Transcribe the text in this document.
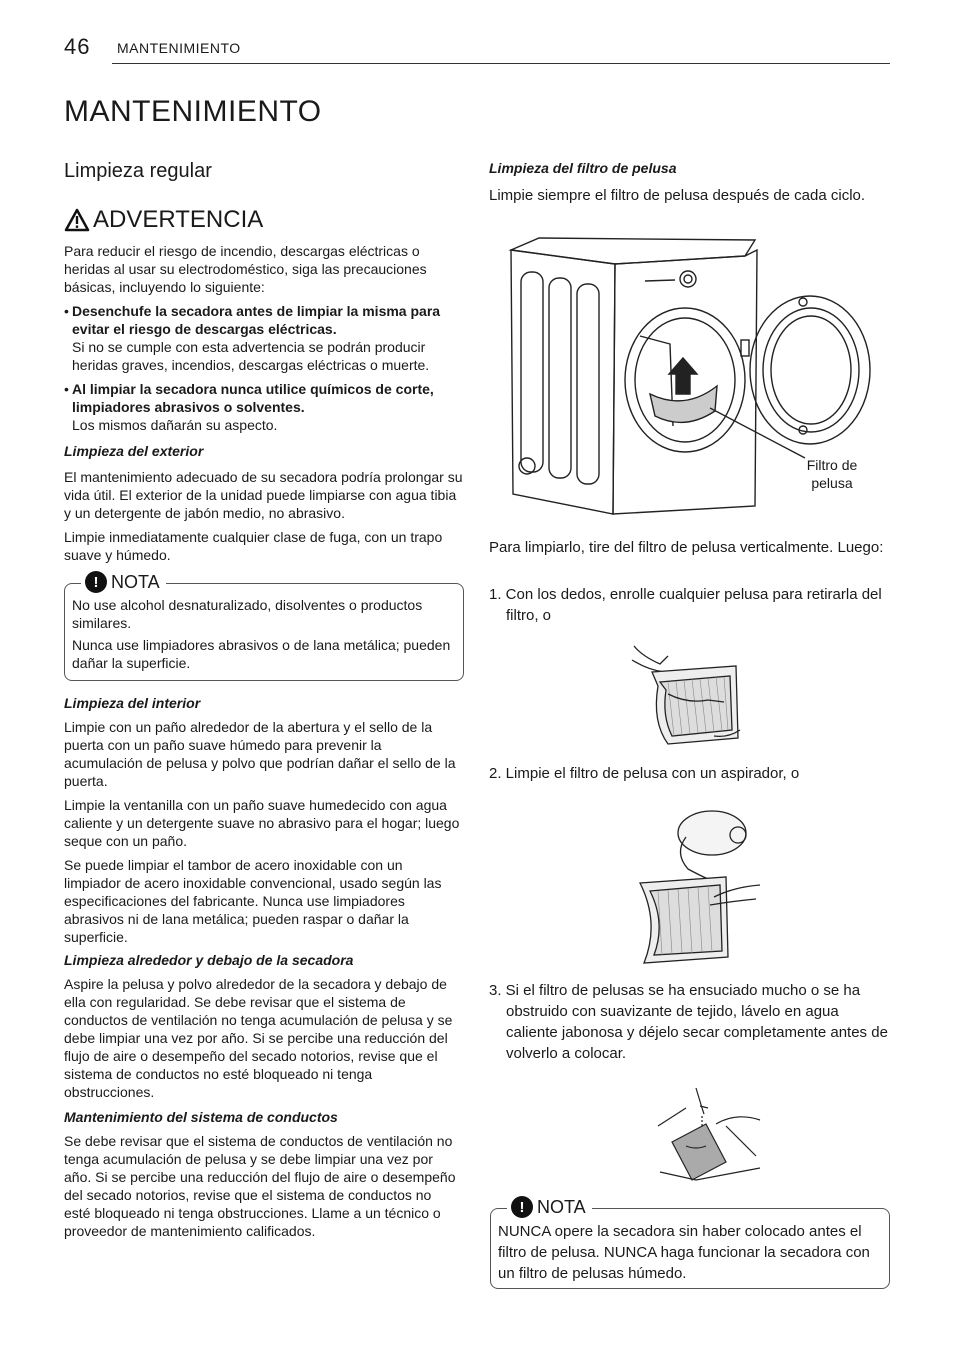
46 MANTENIMIENTO
MANTENIMIENTO
Limpieza regular
ADVERTENCIA

Para reducir el riesgo de incendio, descargas eléctricas o heridas al usar su electrodoméstico, siga las precauciones básicas, incluyendo lo siguiente:

• Desenchufe la secadora antes de limpiar la misma para evitar el riesgo de descargas eléctricas.
Si no se cumple con esta advertencia se podrán producir heridas graves, incendios, descargas eléctricas o muerte.
• Al limpiar la secadora nunca utilice químicos de corte, limpiadores abrasivos o solventes.
Los mismos dañarán su aspecto.

Limpieza del exterior

El mantenimiento adecuado de su secadora podría prolongar su vida útil. El exterior de la unidad puede limpiarse con agua tibia y un detergente de jabón medio, no abrasivo.

Limpie inmediatamente cualquier clase de fuga, con un trapo suave y húmedo.

! NOTA

No use alcohol desnaturalizado, disolventes o productos similares.

Nunca use limpiadores abrasivos o de lana metálica; pueden dañar la superficie.

Limpieza del interior

Limpie con un paño alrededor de la abertura y el sello de la puerta con un paño suave húmedo para prevenir la acumulación de pelusa y polvo que podrían dañar el sello de la puerta.

Limpie la ventanilla con un paño suave humedecido con agua caliente y un detergente suave no abrasivo para el hogar; luego seque con un paño.

Se puede limpiar el tambor de acero inoxidable con un limpiador de acero inoxidable convencional, usado según las especificaciones del fabricante. Nunca use limpiadores abrasivos ni de lana metálica; pueden raspar o dañar la superficie.

Limpieza alrededor y debajo de la secadora

Aspire la pelusa y polvo alrededor de la secadora y debajo de ella con regularidad. Se debe revisar que el sistema de conductos de ventilación no tenga acumulación de pelusa y se debe limpiar una vez por año. Si se percibe una reducción del flujo de aire o desempeño del secado notorios, revise que el sistema de conductos no esté bloqueado ni tenga obstrucciones.

Mantenimiento del sistema de conductos

Se debe revisar que el sistema de conductos de ventilación no tenga acumulación de pelusa y se debe limpiar una vez por año. Si se percibe una reducción del flujo de aire o desempeño del secado notorios, revise que el sistema de conductos no esté bloqueado ni tenga obstrucciones. Llame a un técnico o proveedor de mantenimiento calificados.

Limpieza del filtro de pelusa
Limpie siempre el filtro de pelusa después de cada ciclo.
Filtro de pelusa
Para limpiarlo, tire del filtro de pelusa verticalmente. Luego:
1. Con los dedos, enrolle cualquier pelusa para retirarla del filtro, o
2. Limpie el filtro de pelusa con un aspirador, o
3. Si el filtro de pelusas se ha ensuciado mucho o se ha obstruido con suavizante de tejido, lávelo en agua caliente jabonosa y déjelo secar completamente antes de volverlo a colocar.
! NOTA
NUNCA opere la secadora sin haber colocado antes el filtro de pelusa. NUNCA haga funcionar la secadora con un filtro de pelusas húmedo.
